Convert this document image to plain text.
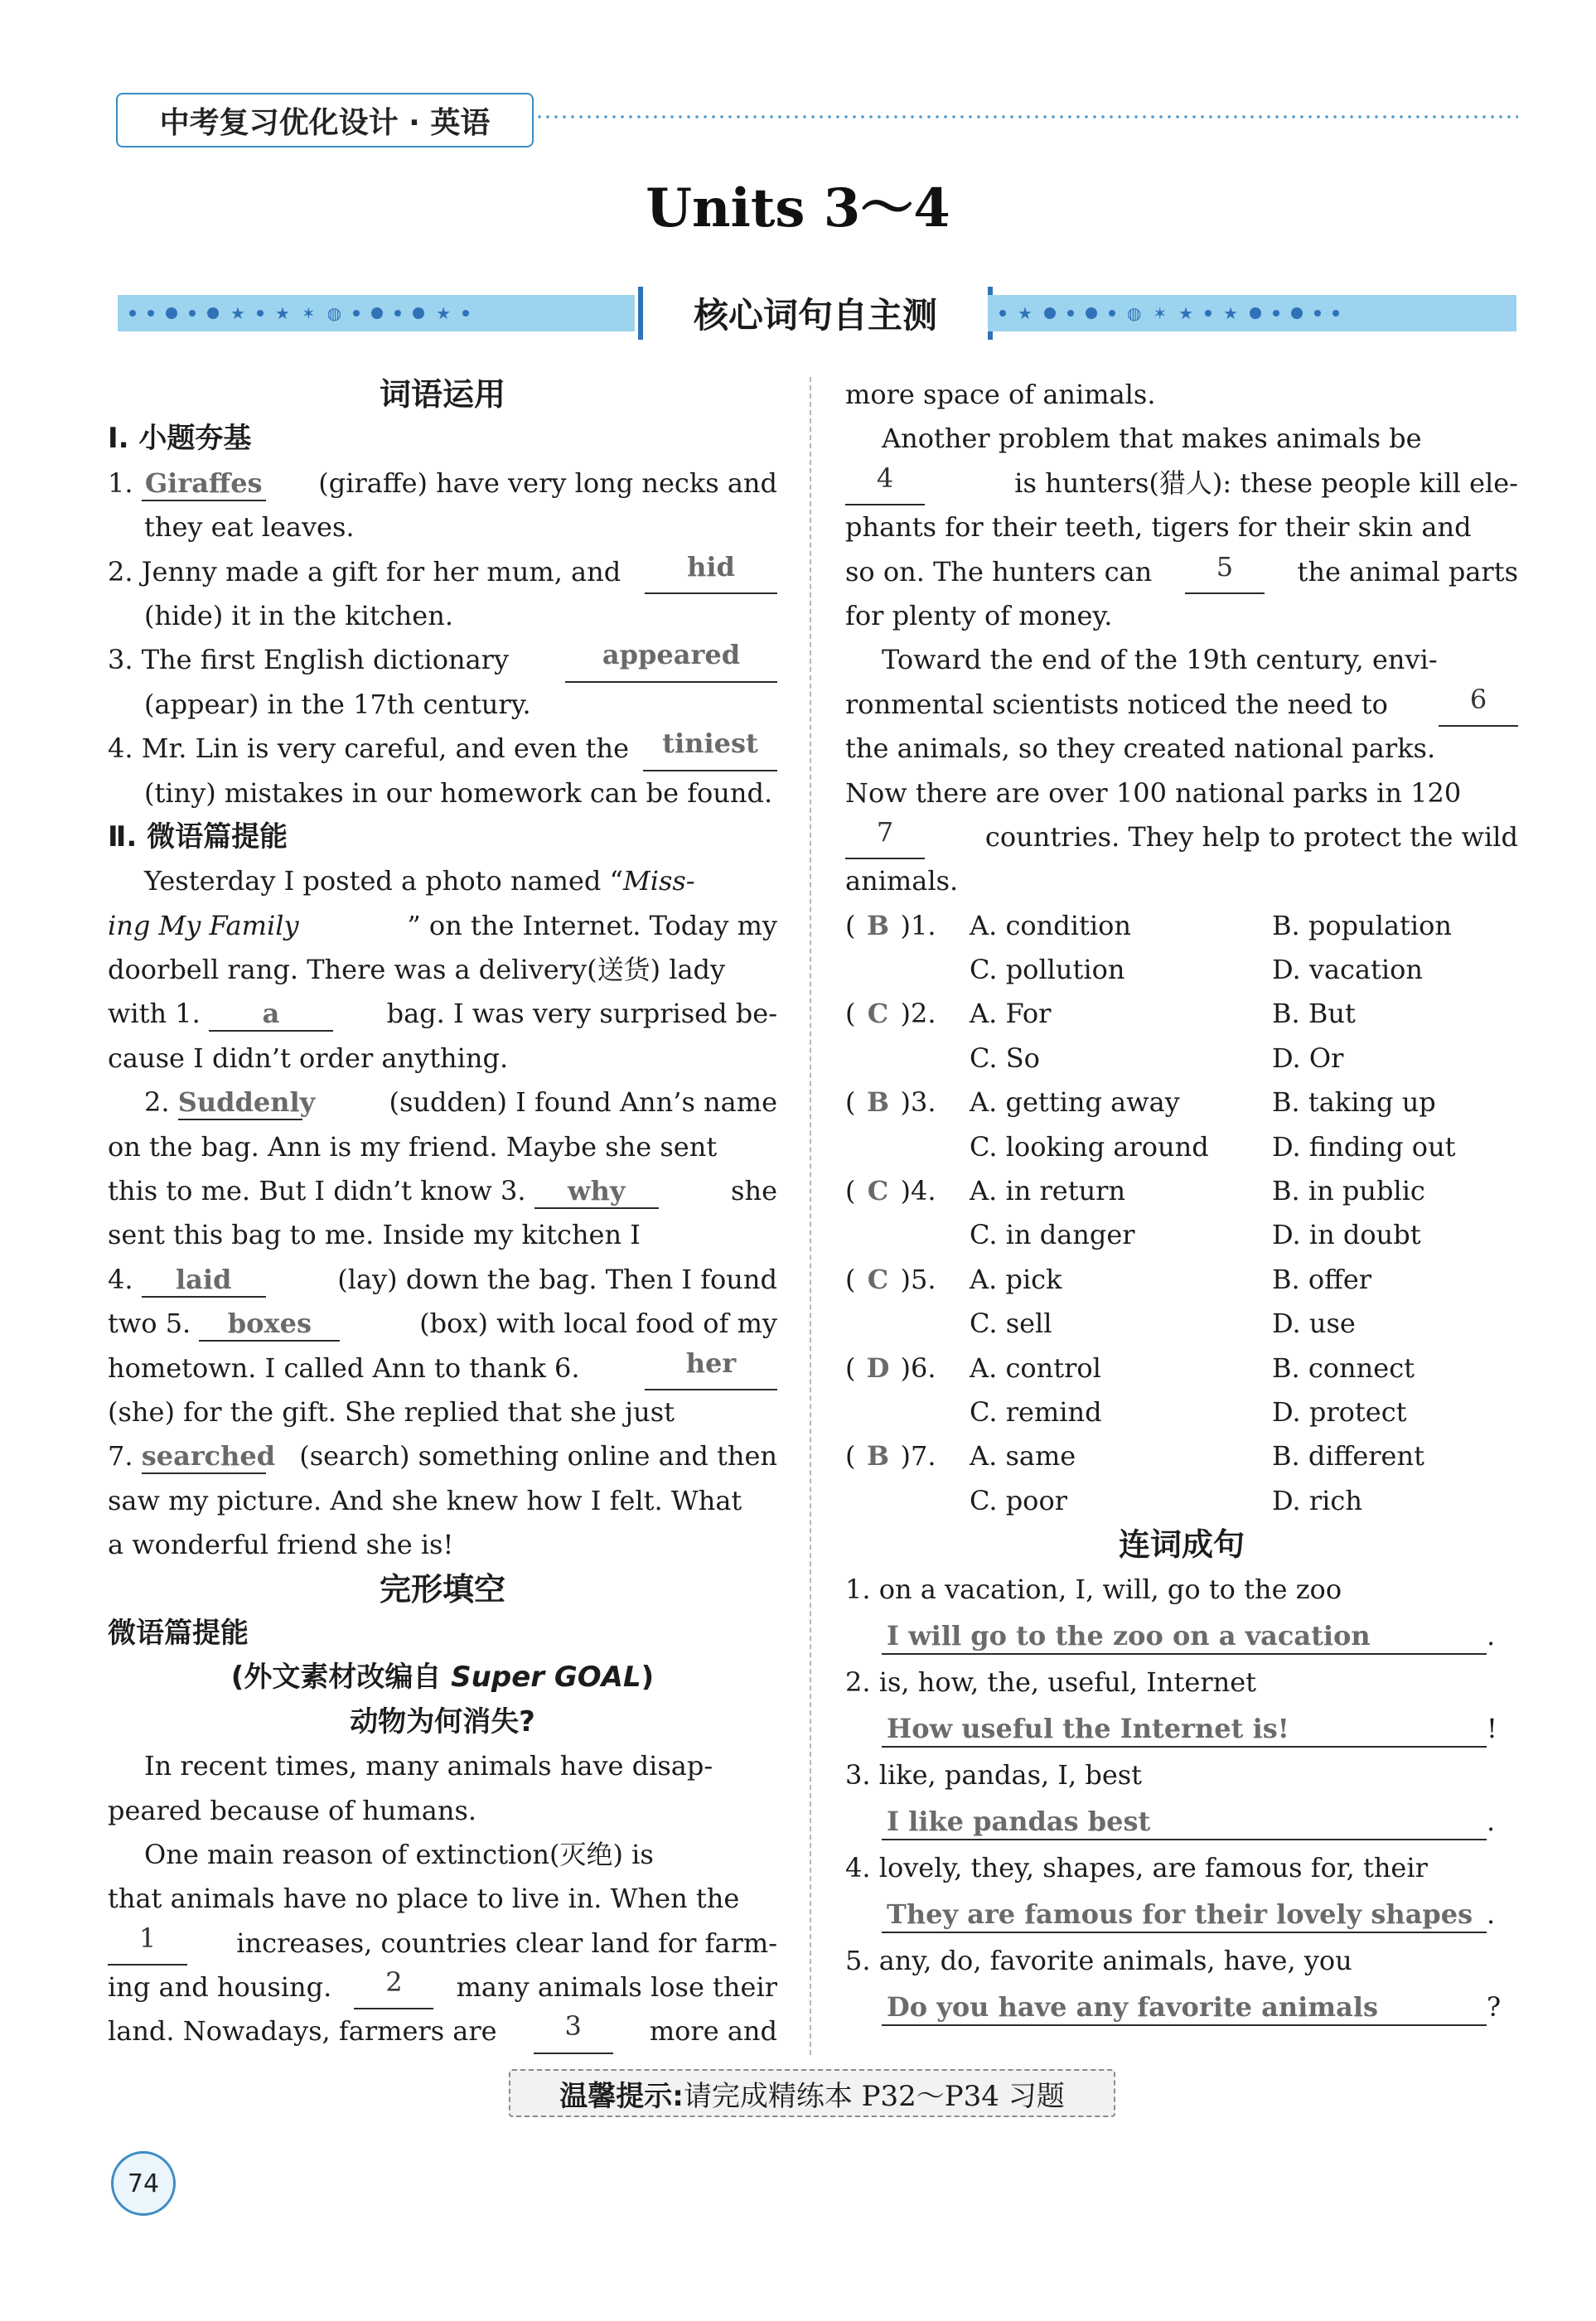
中考复习优化设计 · 英语
Units 3～4
★ ★ ✶ ◍	★	核心词句自主测	★	◍ ✶ ★ ★
词语运用
Ⅰ. 小题夯基
1. Giraffes (giraffe) have very long necks and
they eat leaves.
2. Jenny made a gift for her mum, and	hid
(hide) it in the kitchen.
3. The first English dictionary	appeared
(appear) in the 17th century.
4. Mr. Lin is very careful, and even the	tiniest
(tiny) mistakes in our homework can be found.
Ⅱ. 微语篇提能
Yesterday I posted a photo named “Miss-
ing My Family	” on the Internet. Today my
doorbell rang. There was a delivery(送货) lady
with 1. a	bag. I was very surprised be-
cause I didn’t order anything.
2. Suddenly	(sudden) I found Ann’s name
on the bag. Ann is my friend. Maybe she sent
this to me. But I didn’t know 3. why	she
sent this bag to me. Inside my kitchen I
4. laid	(lay) down the bag. Then I found
two 5. boxes	(box) with local food of my
hometown. I called Ann to thank 6.	her
(she) for the gift. She replied that she just
7. searched (search) something online and then
saw my picture. And she knew how I felt. What
a wonderful friend she is!
完形填空
微语篇提能
(外文素材改编自 Super GOAL)
动物为何消失?
In recent times, many animals have disap-
peared because of humans.
One main reason of extinction(灭绝) is
that animals have no place to live in. When the
1	increases, countries clear land for farm-
ing and housing.	2	many animals lose their
land. Nowadays, farmers are	3	more and
more space of animals.
Another problem that makes animals be
4	is hunters(猎人): these people kill ele-
phants for their teeth, tigers for their skin and
so on. The hunters can	5	the animal parts
for plenty of money.
Toward the end of the 19th century, envi-
ronmental scientists noticed the need to	6
the animals, so they created national parks.
Now there are over 100 national parks in 120
7	countries. They help to protect the wild
animals.
( B ) 1. A. condition	B. population
C. pollution	D. vacation
( C ) 2. A. For	B. But
C. So	D. Or
( B ) 3. A. getting away	B. taking up
C. looking around	D. finding out
( C ) 4. A. in return	B. in public
C. in danger	D. in doubt
( C ) 5. A. pick	B. offer
C. sell	D. use
( D ) 6. A. control	B. connect
C. remind	D. protect
( B ) 7. A. same	B. different
C. poor	D. rich
连词成句
1. on a vacation, I, will, go to the zoo
I will go to the zoo on a vacation	.
2. is, how, the, useful, Internet
How useful the Internet is!	!
3. like, pandas, I, best
I like pandas best	.
4. lovely, they, shapes, are famous for, their
They are famous for their lovely shapes .
5. any, do, favorite animals, have, you
Do you have any favorite animals	?
温馨提示: 请完成精练本 P32～P34 习题
74
